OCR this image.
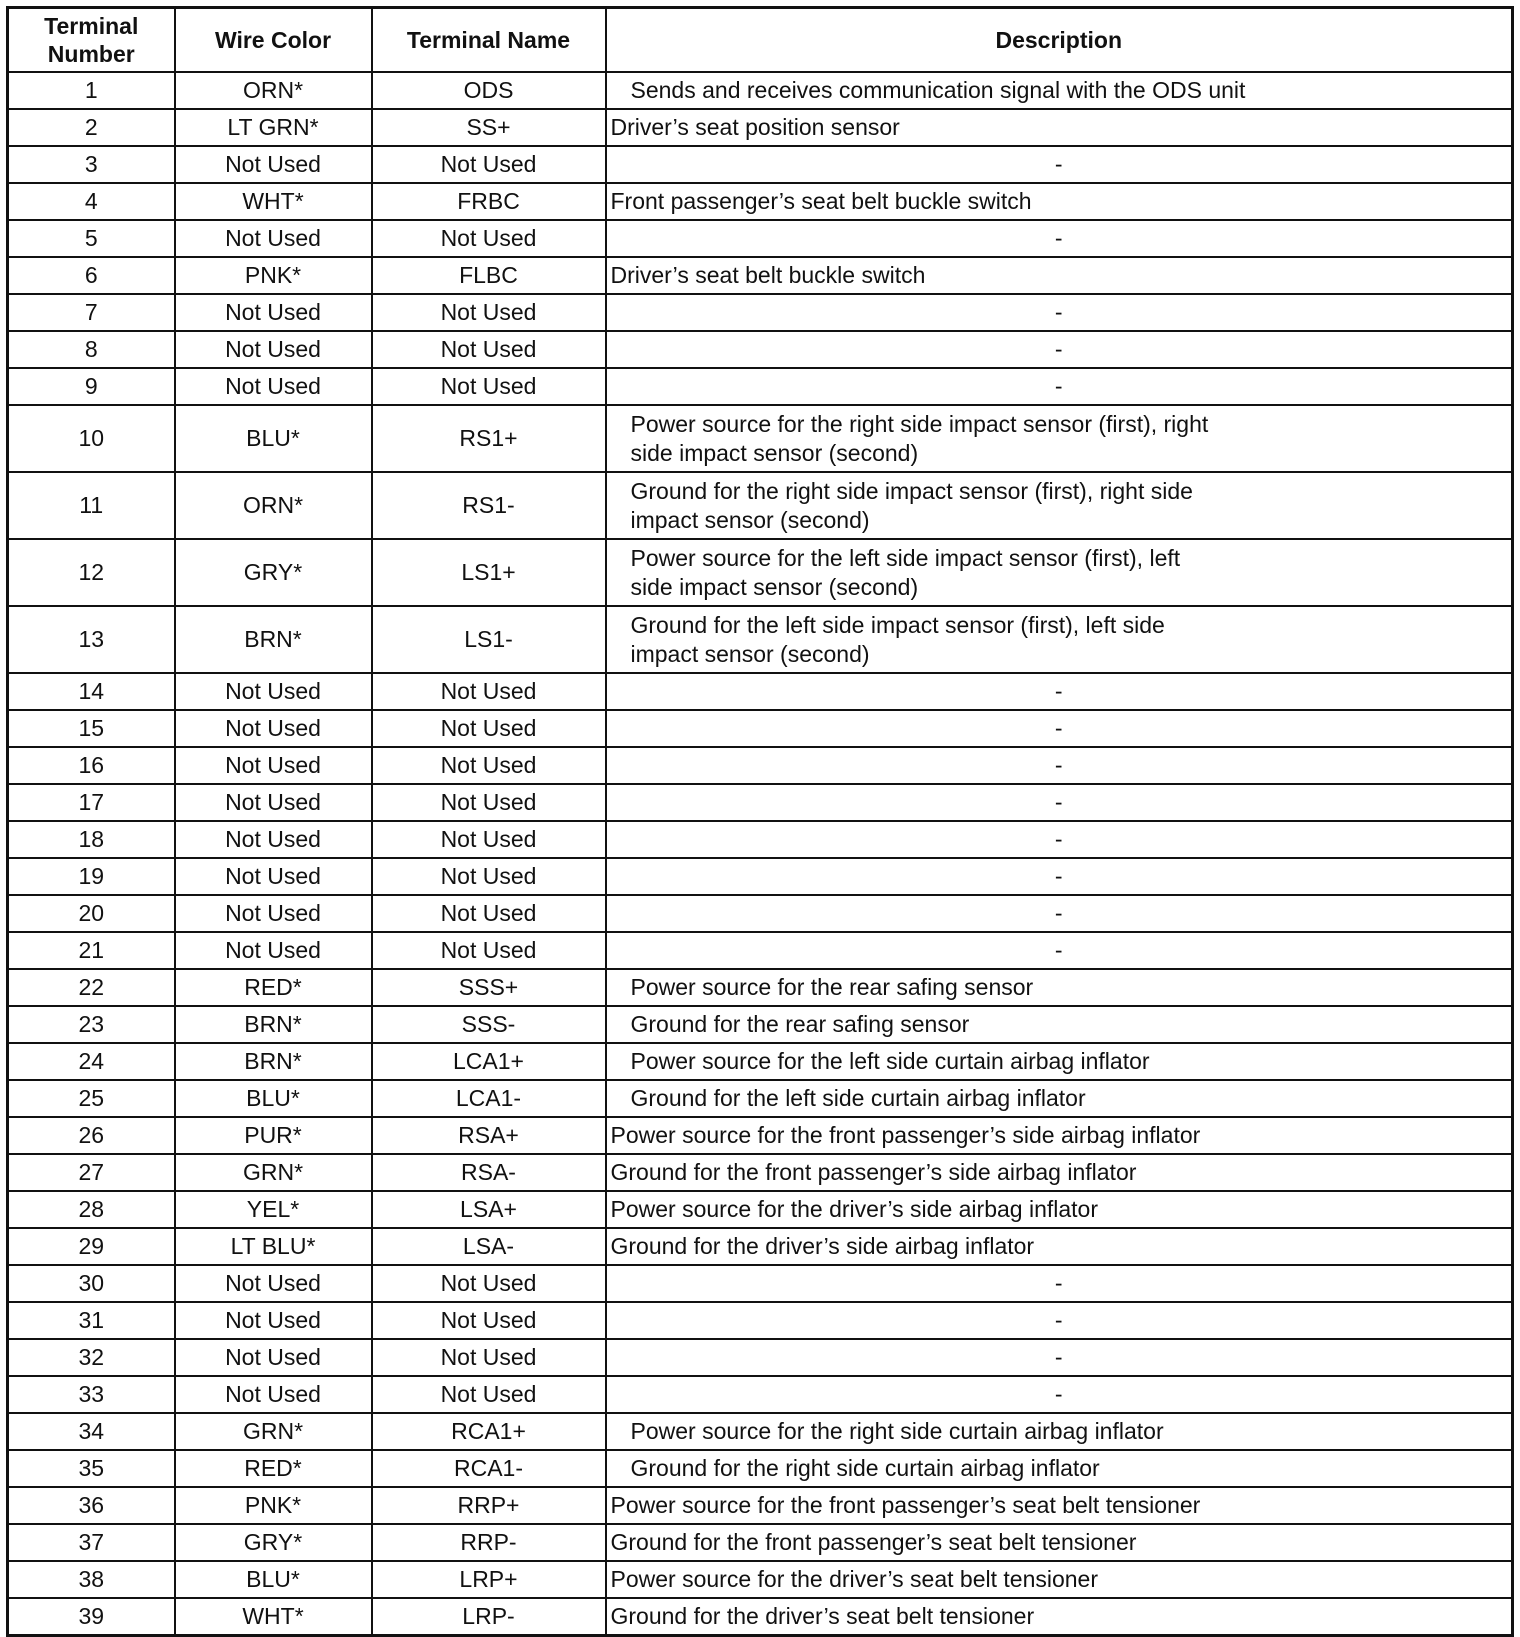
Terminal Number	Wire Color	Terminal Name	Description
1	ORN*	ODS	Sends and receives communication signal with the ODS unit

2	LT GRN*	SS+	Driver’s seat position sensor

3	Not Used	Not Used	-

4	WHT*	FRBC	Front passenger’s seat belt buckle switch

5	Not Used	Not Used	-

6	PNK*	FLBC	Driver’s seat belt buckle switch

7	Not Used	Not Used	-

8	Not Used	Not Used	-

9	Not Used	Not Used	-

10	BLU*	RS1+	Power source for the right side impact sensor (first), right
side impact sensor (second)

11	ORN*	RS1-	Ground for the right side impact sensor (first), right side
impact sensor (second)

12	GRY*	LS1+	Power source for the left side impact sensor (first), left
side impact sensor (second)

13	BRN*	LS1-	Ground for the left side impact sensor (first), left side
impact sensor (second)

14	Not Used	Not Used	-

15	Not Used	Not Used	-

16	Not Used	Not Used	-

17	Not Used	Not Used	-

18	Not Used	Not Used	-

19	Not Used	Not Used	-

20	Not Used	Not Used	-

21	Not Used	Not Used	-

22	RED*	SSS+	Power source for the rear safing sensor

23	BRN*	SSS-	Ground for the rear safing sensor

24	BRN*	LCA1+	Power source for the left side curtain airbag inflator

25	BLU*	LCA1-	Ground for the left side curtain airbag inflator

26	PUR*	RSA+	Power source for the front passenger’s side airbag inflator

27	GRN*	RSA-	Ground for the front passenger’s side airbag inflator

28	YEL*	LSA+	Power source for the driver’s side airbag inflator

29	LT BLU*	LSA-	Ground for the driver’s side airbag inflator

30	Not Used	Not Used	-

31	Not Used	Not Used	-

32	Not Used	Not Used	-

33	Not Used	Not Used	-

34	GRN*	RCA1+	Power source for the right side curtain airbag inflator

35	RED*	RCA1-	Ground for the right side curtain airbag inflator

36	PNK*	RRP+	Power source for the front passenger’s seat belt tensioner

37	GRY*	RRP-	Ground for the front passenger’s seat belt tensioner

38	BLU*	LRP+	Power source for the driver’s seat belt tensioner

39	WHT*	LRP-	Ground for the driver’s seat belt tensioner
